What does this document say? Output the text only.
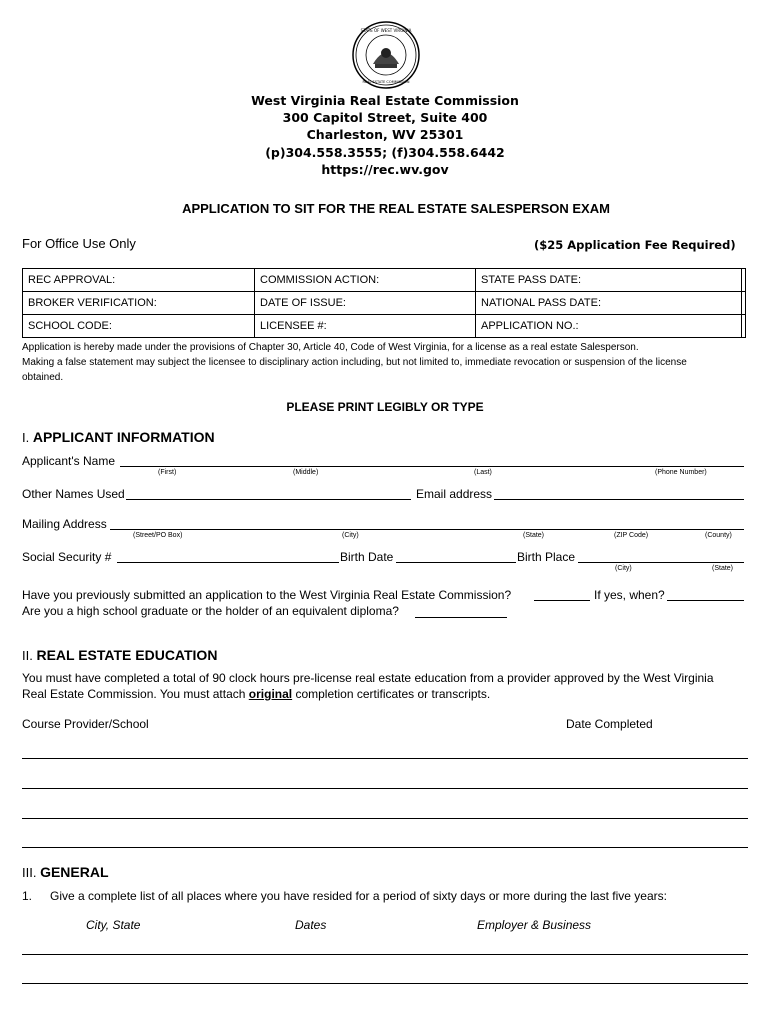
STATE OF WEST VIRGINIA
REAL ESTATE COMMISSION
West Virginia Real Estate Commission
300 Capitol Street, Suite 400
Charleston, WV 25301
(p)304.558.3555; (f)304.558.6442
https://rec.wv.gov
APPLICATION TO SIT FOR THE REAL ESTATE SALESPERSON EXAM
For Office Use Only	($25 Application Fee Required)
REC APPROVAL:	COMMISSION ACTION:	STATE PASS DATE:
BROKER VERIFICATION:	DATE OF ISSUE:	NATIONAL PASS DATE:
SCHOOL CODE:	LICENSEE #:	APPLICATION NO.:
Application is hereby made under the provisions of Chapter 30, Article 40, Code of West Virginia, for a license as a real estate Salesperson.
Making a false statement may subject the licensee to disciplinary action including, but not limited to, immediate revocation or suspension of the license
obtained.
PLEASE PRINT LEGIBLY OR TYPE
I. APPLICANT INFORMATION
Applicant's Name
(First)	(Middle)	(Last)	(Phone Number)
Other Names Used	Email address
Mailing Address
(Street/PO Box)	(City)	(State)	(ZIP Code)	(County)
Social Security #	Birth Date	Birth Place
(City)	(State)
Have you previously submitted an application to the West Virginia Real Estate Commission?	If yes, when?
Are you a high school graduate or the holder of an equivalent diploma?
II. REAL ESTATE EDUCATION
You must have completed a total of 90 clock hours pre-license real estate education from a provider approved by the West Virginia
Real Estate Commission. You must attach original completion certificates or transcripts.
Course Provider/School	Date Completed
III. GENERAL
1. Give a complete list of all places where you have resided for a period of sixty days or more during the last five years:
City, State	Dates	Employer & Business
